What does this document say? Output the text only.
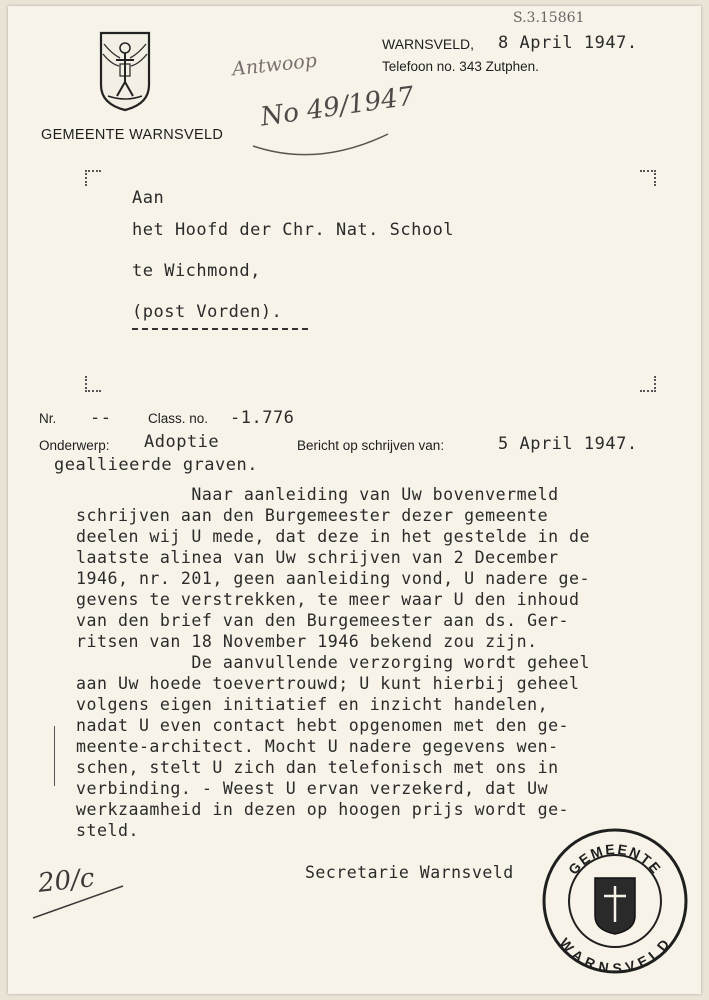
S.3.15861
GEMEENTE WARNSVELD
WARNSVELD, 8 April 1947.
Telefoon no. 343 Zutphen.
Antwoop
No 49/1947
Aan
het Hoofd der Chr. Nat. School
te Wichmond,
(post Vorden).
Nr. --	Class. no. -1.776
Onderwerp: Adoptie
geallieerde graven.
Bericht op schrijven van:	5 April 1947.
Naar aanleiding van Uw bovenvermeld
schrijven aan den Burgemeester dezer gemeente
deelen wij U mede, dat deze in het gestelde in de
laatste alinea van Uw schrijven van 2 December
1946, nr. 201, geen aanleiding vond, U nadere ge-
gevens te verstrekken, te meer waar U den inhoud
van den brief van den Burgemeester aan ds. Ger-
ritsen van 18 November 1946 bekend zou zijn.
De aanvullende verzorging wordt geheel
aan Uw hoede toevertrouwd; U kunt hierbij geheel
volgens eigen initiatief en inzicht handelen,
nadat U even contact hebt opgenomen met den ge-
meente-architect. Mocht U nadere gegevens wen-
schen, stelt U zich dan telefonisch met ons in
verbinding. - Weest U ervan verzekerd, dat Uw
werkzaamheid in dezen op hoogen prijs wordt ge-
steld.
Secretarie Warnsveld
20/c	GEMEENTE
WARNSVELD
